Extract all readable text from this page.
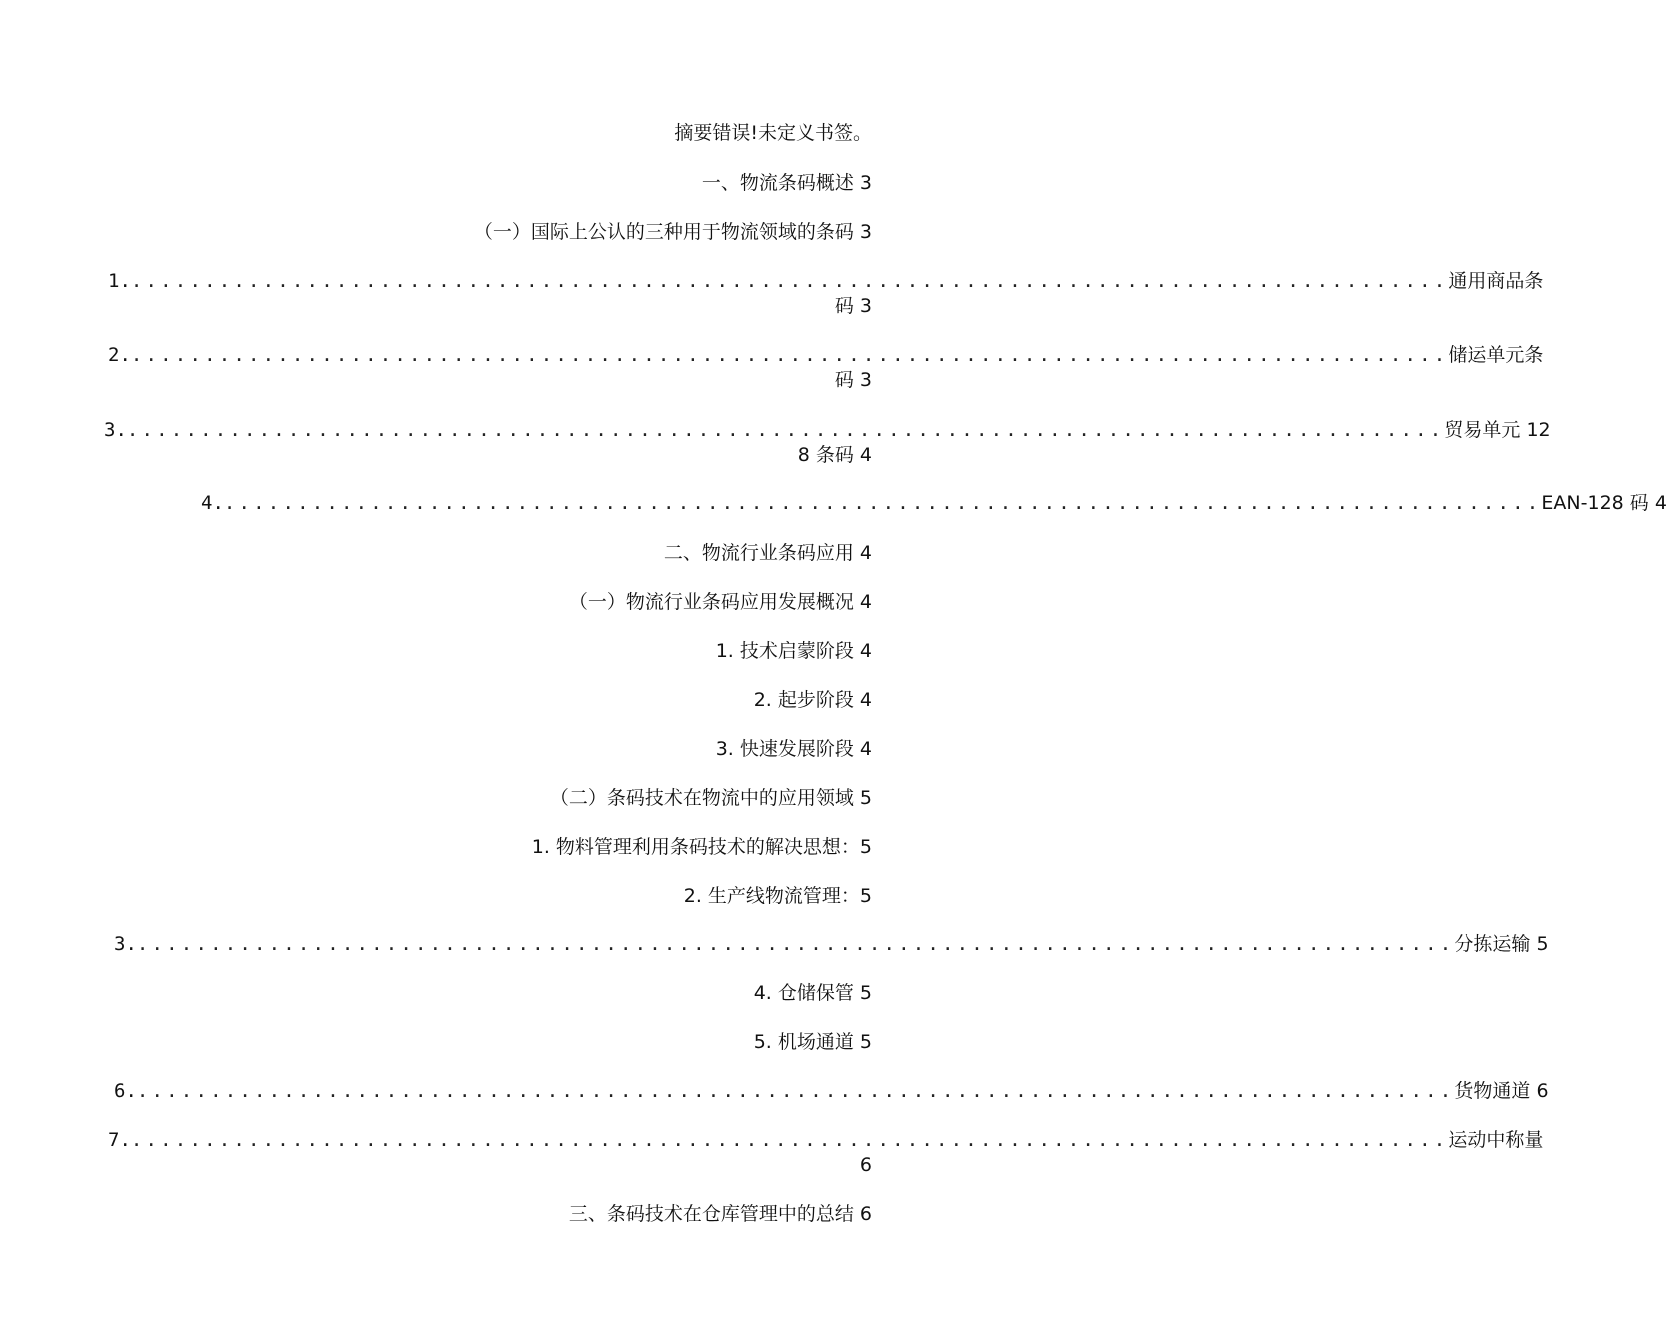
摘要错误!未定义书签。
一、物流条码概述 3
（一）国际上公认的三种用于物流领域的条码 3
1. .......................................................................................... 通用商品条
码 3
2. .......................................................................................... 储运单元条
码 3
3. .......................................................................................... 贸易单元 12
8 条码 4
4. .......................................................................................... EAN-128 码 4
二、物流行业条码应用 4
（一）物流行业条码应用发展概况 4
1. 技术启蒙阶段 4
2. 起步阶段 4
3. 快速发展阶段 4
（二）条码技术在物流中的应用领域 5
1. 物料管理利用条码技术的解决思想：5
2. 生产线物流管理：5
3. .......................................................................................... 分拣运输 5
4. 仓储保管 5
5. 机场通道 5
6. .......................................................................................... 货物通道 6
7. .......................................................................................... 运动中称量
6
三、条码技术在仓库管理中的总结 6
